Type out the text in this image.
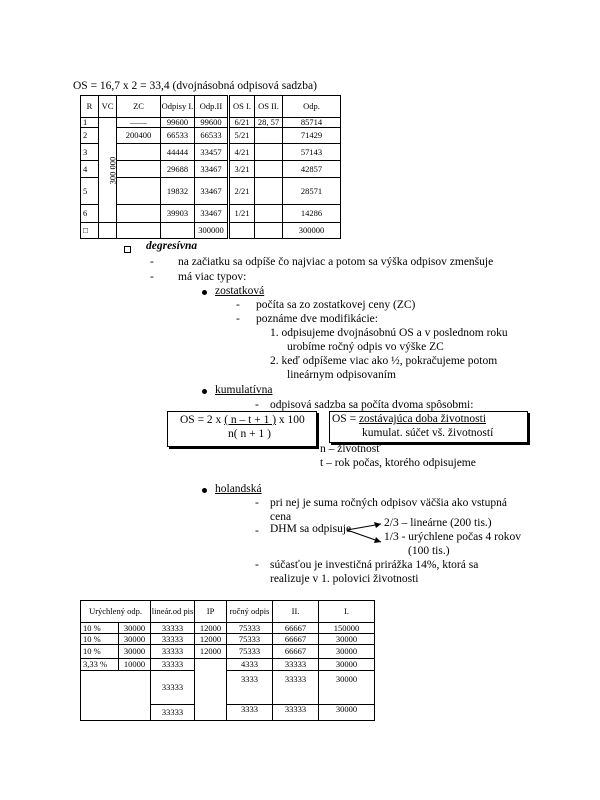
OS = 16,7 x 2 = 33,4 (dvojnásobná odpisová sadzba)
R	VC	ZC	Odpisy I.	Odp.II	OS I.	OS II.	Odp.
1	300 000	——	99600	99600	6/21	28, 57	85714
2		200400	66533	66533	5/21		71429
3			44444	33457	4/21		57143
4			29688	33467	3/21		42857
5			19832	33467	2/21		28571
6			39903	33467	1/21		14286
□				300000			300000
degresívna
- na začiatku sa odpíše čo najviac a potom sa výška odpisov zmenšuje
- má viac typov:
zostatková
- počíta sa zo zostatkovej ceny (ZC)
- poznáme dve modifikácie:
1. odpisujeme dvojnásobnú OS a v poslednom roku
urobíme ročný odpis vo výške ZC
2. keď odpíšeme viac ako ½, pokračujeme potom
lineárnym odpisovaním
kumulatívna
- odpisová sadzba sa počíta dvoma spôsobmi:
OS = 2 x ( n – t + 1 ) x 100
n( n + 1 )
OS = zostávajúca doba životnosti
kumulat. súčet vš. životností
n – životnosť
t – rok počas, ktorého odpisujeme
holandská
- pri nej je suma ročných odpisov väčšia ako vstupná
cena
- DHM sa odpisuje	2/3 – lineárne (200 tis.)
1/3 - urýchlene počas 4 rokov
(100 tis.)
- súčasťou je investičná prirážka 14%, ktorá sa
realizuje v 1. polovici životnosti
Urýchlený odp.		lineár.od pis	IP	ročný odpis	II.	I.
10 %	30000	33333	12000	75333	66667	150000
10 %	30000	33333	12000	75333	66667	30000
10 %	30000	33333	12000	75333	66667	30000
3,33 %	10000	33333		4333	33333	30000
		33333		3333	33333	30000
		33333		3333	33333	30000
